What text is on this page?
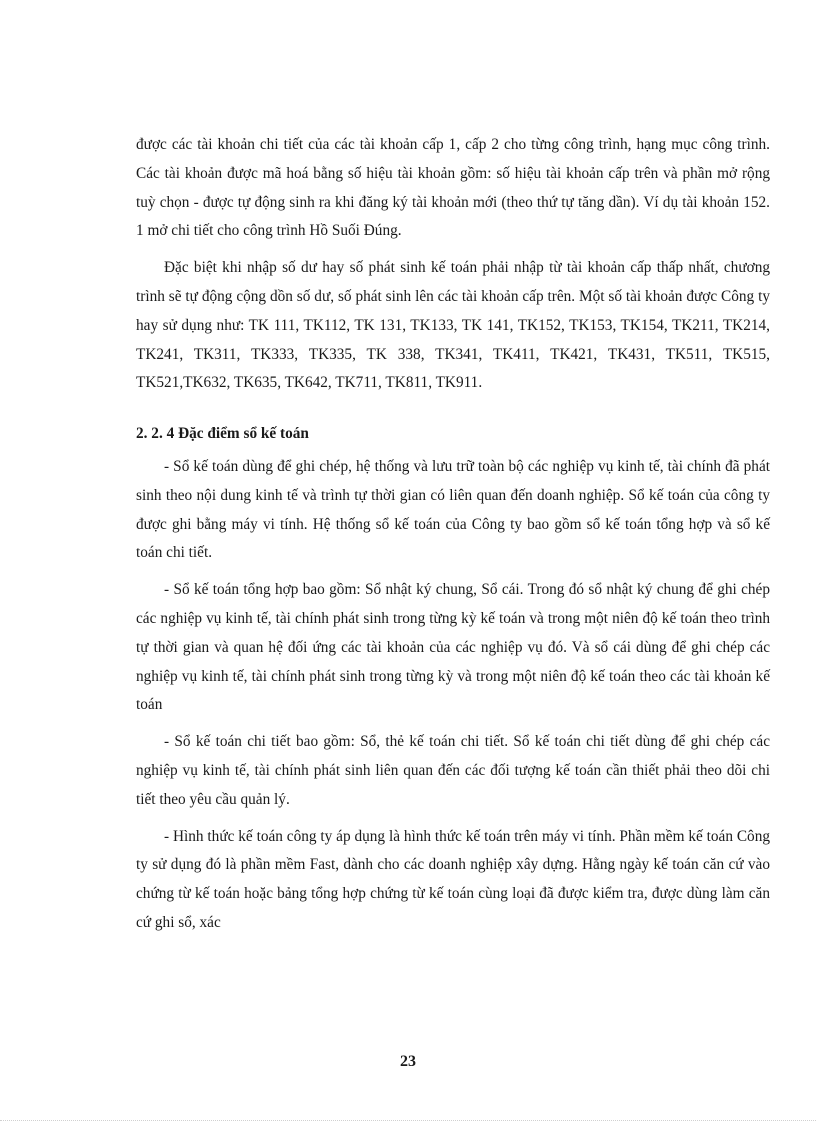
được các tài khoản chi tiết của các tài khoản cấp 1, cấp 2 cho từng công trình, hạng mục công trình. Các tài khoản được mã hoá bằng số hiệu tài khoản gồm: số hiệu tài khoản cấp trên và phần mở rộng tuỳ chọn - được tự động sinh ra khi đăng ký tài khoản mới (theo thứ tự tăng dần). Ví dụ tài khoản 152. 1 mở chi tiết cho công trình Hồ Suối Đúng.

Đặc biệt khi nhập số dư hay số phát sinh kế toán phải nhập từ tài khoản cấp thấp nhất, chương trình sẽ tự động cộng dồn số dư, số phát sinh lên các tài khoản cấp trên. Một số tài khoản được Công ty hay sử dụng như: TK 111, TK112, TK 131, TK133, TK 141, TK152, TK153, TK154, TK211, TK214, TK241, TK311, TK333, TK335, TK 338, TK341, TK411, TK421, TK431, TK511, TK515, TK521,TK632, TK635, TK642, TK711, TK811, TK911.

2. 2. 4 Đặc điểm sổ kế toán

- Sổ kế toán dùng để ghi chép, hệ thống và lưu trữ toàn bộ các nghiệp vụ kinh tế, tài chính đã phát sinh theo nội dung kinh tế và trình tự thời gian có liên quan đến doanh nghiệp. Sổ kế toán của công ty được ghi bằng máy vi tính. Hệ thống sổ kế toán của Công ty bao gồm sổ kế toán tổng hợp và sổ kế toán chi tiết.

- Sổ kế toán tổng hợp bao gồm: Sổ nhật ký chung, Sổ cái. Trong đó sổ nhật ký chung để ghi chép các nghiệp vụ kinh tế, tài chính phát sinh trong từng kỳ kế toán và trong một niên độ kế toán theo trình tự thời gian và quan hệ đối ứng các tài khoản của các nghiệp vụ đó. Và sổ cái dùng để ghi chép các nghiệp vụ kinh tế, tài chính phát sinh trong từng kỳ và trong một niên độ kế toán theo các tài khoản kế toán

- Sổ kế toán chi tiết bao gồm: Sổ, thẻ kế toán chi tiết. Sổ kế toán chi tiết dùng để ghi chép các nghiệp vụ kinh tế, tài chính phát sinh liên quan đến các đối tượng kế toán cần thiết phải theo dõi chi tiết theo yêu cầu quản lý.

- Hình thức kế toán công ty áp dụng là hình thức kế toán trên máy vi tính. Phần mềm kế toán Công ty sử dụng đó là phần mềm Fast, dành cho các doanh nghiệp xây dựng. Hằng ngày kế toán căn cứ vào chứng từ kế toán hoặc bảng tổng hợp chứng từ kế toán cùng loại đã được kiểm tra, được dùng làm căn cứ ghi sổ, xác

23
